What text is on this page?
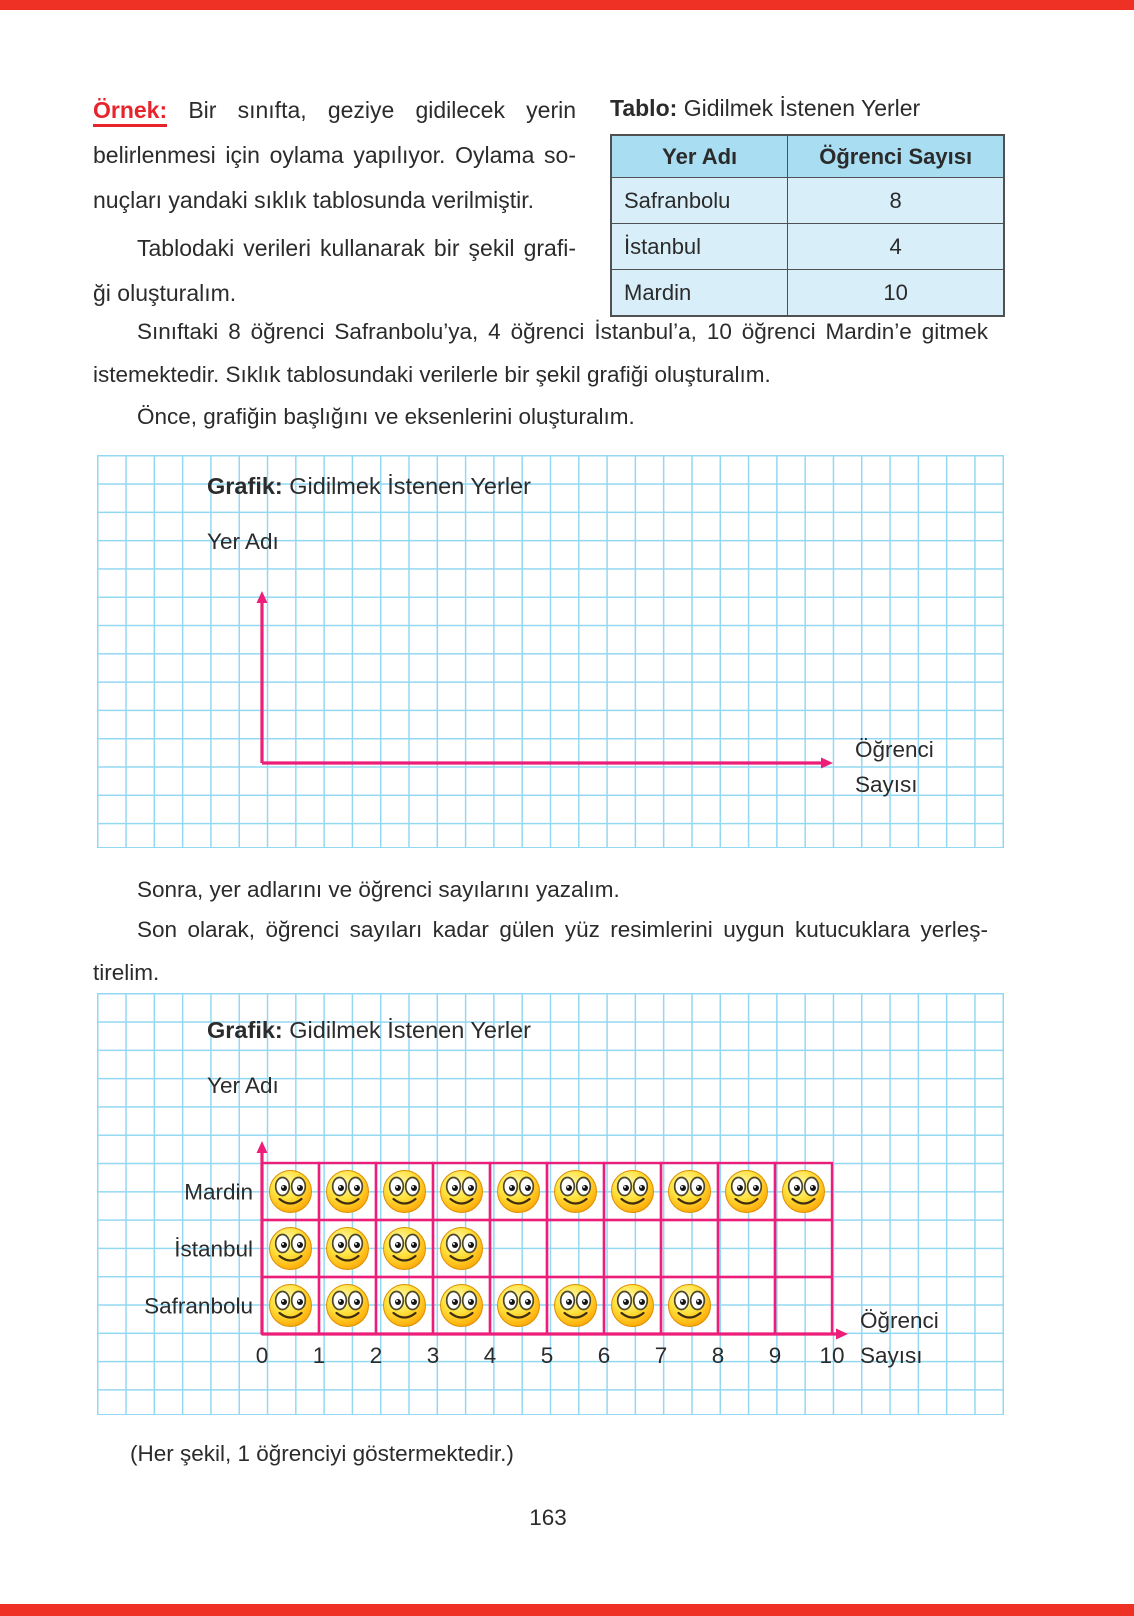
Örnek: Bir sınıfta, geziye gidilecek yerin
belirlenmesi için oylama yapılıyor. Oylama so-
nuçları yandaki sıklık tablosunda verilmiştir.
Tablodaki verileri kullanarak bir şekil grafi-
ği oluşturalım.
Tablo: Gidilmek İstenen Yerler
Yer Adı	Öğrenci Sayısı
Safranbolu	8
İstanbul	4
Mardin	10
Sınıftaki 8 öğrenci Safranbolu’ya, 4 öğrenci İstanbul’a, 10 öğrenci Mardin’e gitmek
istemektedir. Sıklık tablosundaki verilerle bir şekil grafiği oluşturalım.
Önce, grafiğin başlığını ve eksenlerini oluşturalım.
Grafik: Gidilmek İstenen Yerler
Yer Adı
Öğrenci
Sayısı
Sonra, yer adlarını ve öğrenci sayılarını yazalım.
Son olarak, öğrenci sayıları kadar gülen yüz resimlerini uygun kutucuklara yerleş-
tirelim.
Grafik: Gidilmek İstenen Yerler
Yer Adı
Mardin
İstanbul
Safranbolu
0 1 2 3 4 5 6 7 8 9 10
Öğrenci
Sayısı
(Her şekil, 1 öğrenciyi göstermektedir.)
163
